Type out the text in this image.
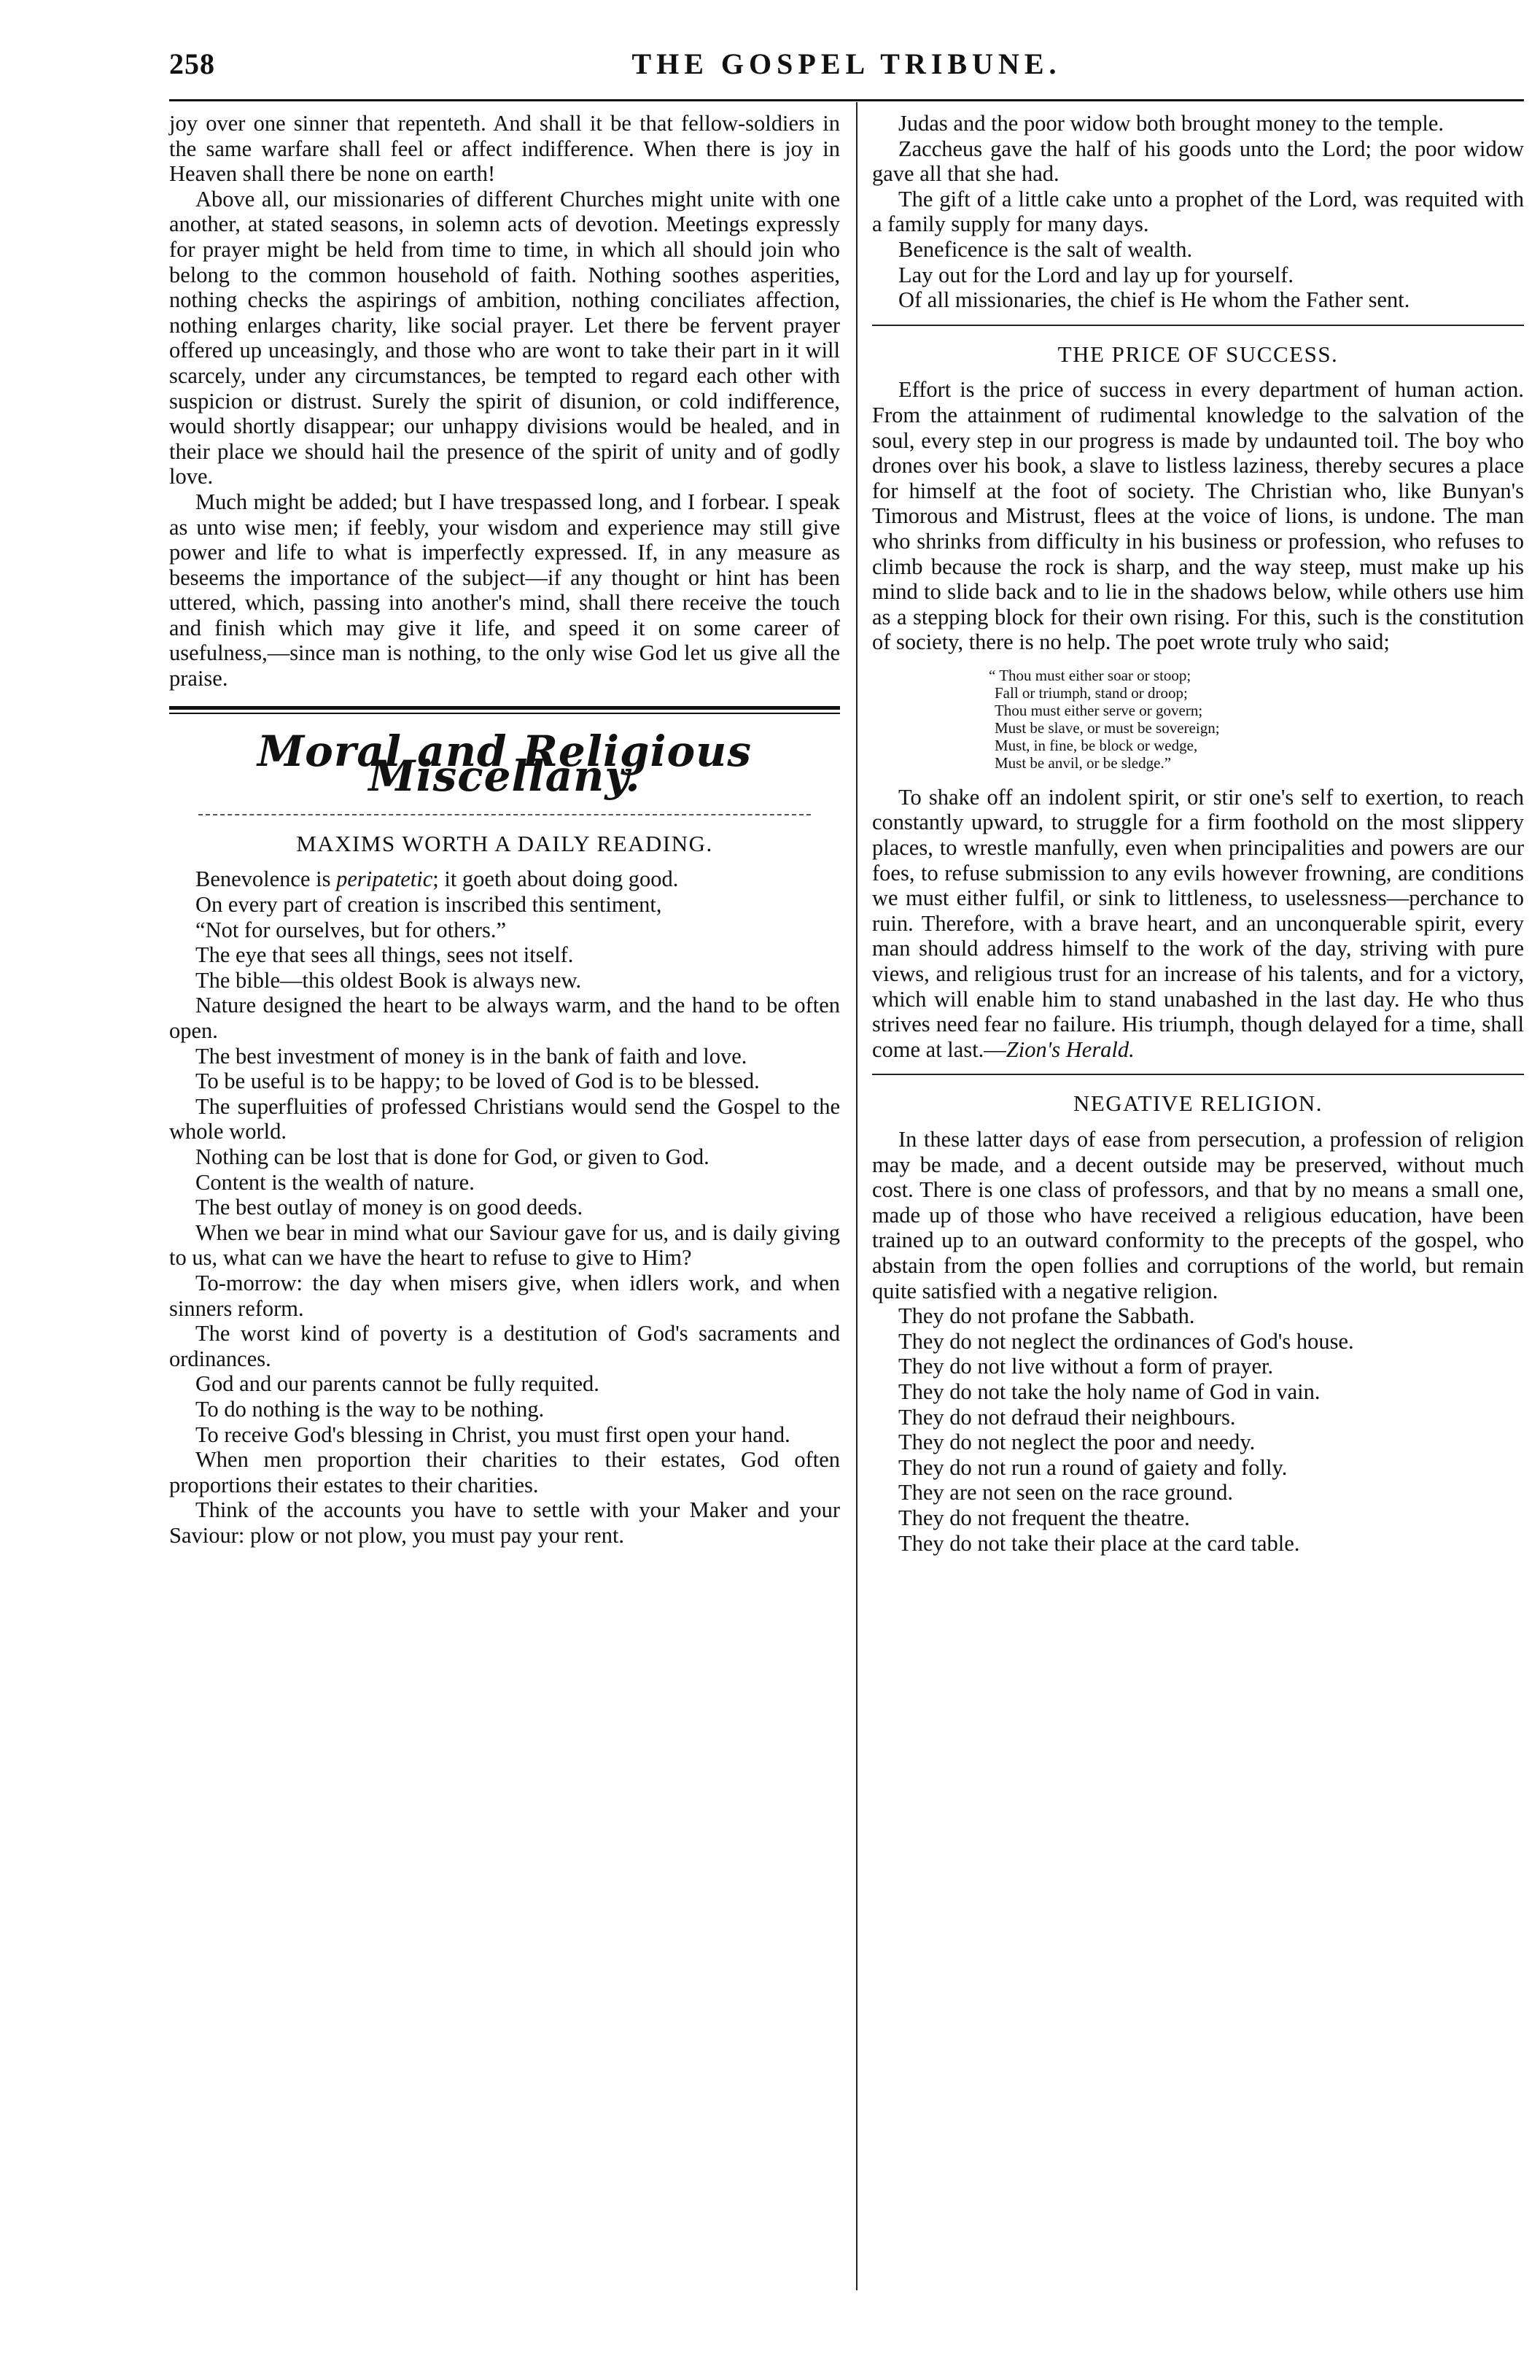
258	THE GOSPEL TRIBUNE.

joy over one sinner that repenteth. And shall it be that fellow-soldiers in the same warfare shall feel or affect indifference. When there is joy in Heaven shall there be none on earth!

Above all, our missionaries of different Churches might unite with one another, at stated seasons, in solemn acts of devotion. Meetings expressly for prayer might be held from time to time, in which all should join who belong to the common household of faith. Nothing soothes asperities, nothing checks the aspirings of ambition, nothing conciliates affection, nothing enlarges charity, like social prayer. Let there be fervent prayer offered up unceasingly, and those who are wont to take their part in it will scarcely, under any circumstances, be tempted to regard each other with suspicion or distrust. Surely the spirit of disunion, or cold indifference, would shortly disappear; our unhappy divisions would be healed, and in their place we should hail the presence of the spirit of unity and of godly love.

Much might be added; but I have trespassed long, and I forbear. I speak as unto wise men; if feebly, your wisdom and experience may still give power and life to what is imperfectly expressed. If, in any measure as beseems the importance of the subject—if any thought or hint has been uttered, which, passing into another's mind, shall there receive the touch and finish which may give it life, and speed it on some career of usefulness,—since man is nothing, to the only wise God let us give all the praise.

Moral and Religious Miscellany.
MAXIMS WORTH A DAILY READING.

Benevolence is peripatetic; it goeth about doing good.

On every part of creation is inscribed this sentiment,

“Not for ourselves, but for others.”

The eye that sees all things, sees not itself.

The bible—this oldest Book is always new.

Nature designed the heart to be always warm, and the hand to be often open.

The best investment of money is in the bank of faith and love.

To be useful is to be happy; to be loved of God is to be blessed.

The superfluities of professed Christians would send the Gospel to the whole world.

Nothing can be lost that is done for God, or given to God.

Content is the wealth of nature.

The best outlay of money is on good deeds.

When we bear in mind what our Saviour gave for us, and is daily giving to us, what can we have the heart to refuse to give to Him?

To-morrow: the day when misers give, when idlers work, and when sinners reform.

The worst kind of poverty is a destitution of God's sacraments and ordinances.

God and our parents cannot be fully requited.

To do nothing is the way to be nothing.

To receive God's blessing in Christ, you must first open your hand.

When men proportion their charities to their estates, God often proportions their estates to their charities.

Think of the accounts you have to settle with your Maker and your Saviour: plow or not plow, you must pay your rent.

Judas and the poor widow both brought money to the temple.

Zaccheus gave the half of his goods unto the Lord; the poor widow gave all that she had.

The gift of a little cake unto a prophet of the Lord, was requited with a family supply for many days.

Beneficence is the salt of wealth.

Lay out for the Lord and lay up for yourself.

Of all missionaries, the chief is He whom the Father sent.

THE PRICE OF SUCCESS.

Effort is the price of success in every department of human action. From the attainment of rudimental knowledge to the salvation of the soul, every step in our progress is made by undaunted toil. The boy who drones over his book, a slave to listless laziness, thereby secures a place for himself at the foot of society. The Christian who, like Bunyan's Timorous and Mistrust, flees at the voice of lions, is undone. The man who shrinks from difficulty in his business or profession, who refuses to climb because the rock is sharp, and the way steep, must make up his mind to slide back and to lie in the shadows below, while others use him as a stepping block for their own rising. For this, such is the constitution of society, there is no help. The poet wrote truly who said;

“ Thou must either soar or stoop;
Fall or triumph, stand or droop;
Thou must either serve or govern;
Must be slave, or must be sovereign;
Must, in fine, be block or wedge,
Must be anvil, or be sledge.”

To shake off an indolent spirit, or stir one's self to exertion, to reach constantly upward, to struggle for a firm foothold on the most slippery places, to wrestle manfully, even when principalities and powers are our foes, to refuse submission to any evils however frowning, are conditions we must either fulfil, or sink to littleness, to uselessness—perchance to ruin. Therefore, with a brave heart, and an unconquerable spirit, every man should address himself to the work of the day, striving with pure views, and religious trust for an increase of his talents, and for a victory, which will enable him to stand unabashed in the last day. He who thus strives need fear no failure. His triumph, though delayed for a time, shall come at last.—Zion's Herald.

NEGATIVE RELIGION.

In these latter days of ease from persecution, a profession of religion may be made, and a decent outside may be preserved, without much cost. There is one class of professors, and that by no means a small one, made up of those who have received a religious education, have been trained up to an outward conformity to the precepts of the gospel, who abstain from the open follies and corruptions of the world, but remain quite satisfied with a negative religion.

They do not profane the Sabbath.

They do not neglect the ordinances of God's house.

They do not live without a form of prayer.

They do not take the holy name of God in vain.

They do not defraud their neighbours.

They do not neglect the poor and needy.

They do not run a round of gaiety and folly.

They are not seen on the race ground.

They do not frequent the theatre.

They do not take their place at the card table.
